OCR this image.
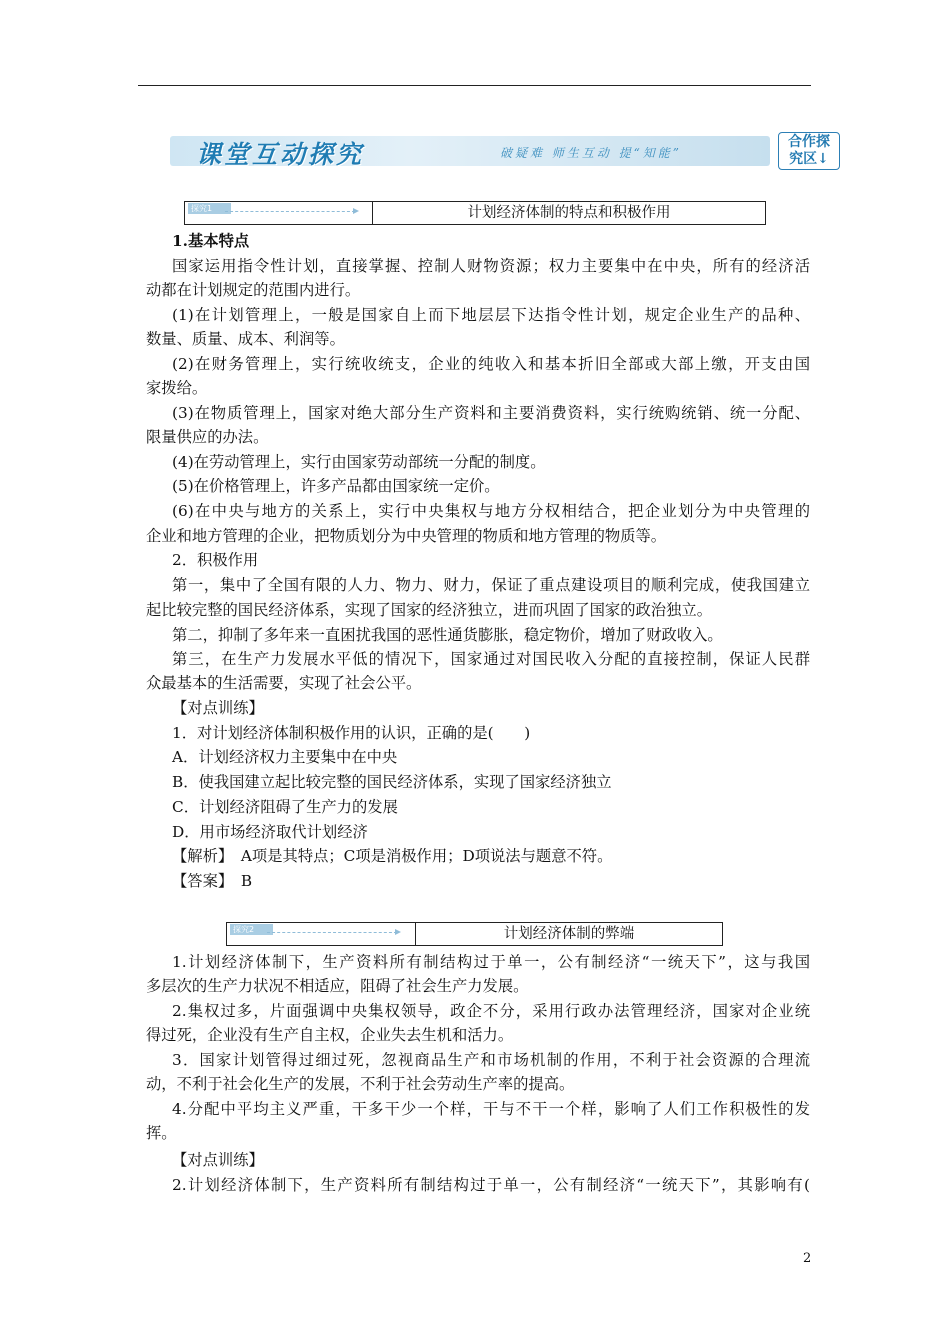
课堂互动探究	破疑难 师生互动 提“知能”
合作探
究区↓
探究1	计划经济体制的特点和积极作用
1.基本特点
国家运用指令性计划，直接掌握、控制人财物资源；权力主要集中在中央，所有的经济活
动都在计划规定的范围内进行。
(1)在计划管理上，一般是国家自上而下地层层下达指令性计划，规定企业生产的品种、
数量、质量、成本、利润等。
(2)在财务管理上，实行统收统支，企业的纯收入和基本折旧全部或大部上缴，开支由国
家拨给。
(3)在物质管理上，国家对绝大部分生产资料和主要消费资料，实行统购统销、统一分配、
限量供应的办法。
(4)在劳动管理上，实行由国家劳动部统一分配的制度。
(5)在价格管理上，许多产品都由国家统一定价。
(6)在中央与地方的关系上，实行中央集权与地方分权相结合，把企业划分为中央管理的
企业和地方管理的企业，把物质划分为中央管理的物质和地方管理的物质等。
2．积极作用
第一，集中了全国有限的人力、物力、财力，保证了重点建设项目的顺利完成，使我国建立
起比较完整的国民经济体系，实现了国家的经济独立，进而巩固了国家的政治独立。
第二，抑制了多年来一直困扰我国的恶性通货膨胀，稳定物价，增加了财政收入。
第三，在生产力发展水平低的情况下，国家通过对国民收入分配的直接控制，保证人民群
众最基本的生活需要，实现了社会公平。
【对点训练】
1．对计划经济体制积极作用的认识，正确的是(　　)
A．计划经济权力主要集中在中央
B．使我国建立起比较完整的国民经济体系，实现了国家经济独立
C．计划经济阻碍了生产力的发展
D．用市场经济取代计划经济
【解析】　A项是其特点；C项是消极作用；D项说法与题意不符。
【答案】　B
探究2	计划经济体制的弊端
1.计划经济体制下，生产资料所有制结构过于单一，公有制经济“一统天下”，这与我国
多层次的生产力状况不相适应，阻碍了社会生产力发展。
2.集权过多，片面强调中央集权领导，政企不分，采用行政办法管理经济，国家对企业统
得过死，企业没有生产自主权，企业失去生机和活力。
3．国家计划管得过细过死，忽视商品生产和市场机制的作用，不利于社会资源的合理流
动，不利于社会化生产的发展，不利于社会劳动生产率的提高。
4.分配中平均主义严重，干多干少一个样，干与不干一个样，影响了人们工作积极性的发
挥。
【对点训练】
2.计划经济体制下，生产资料所有制结构过于单一，公有制经济“一统天下”，其影响有(
2
